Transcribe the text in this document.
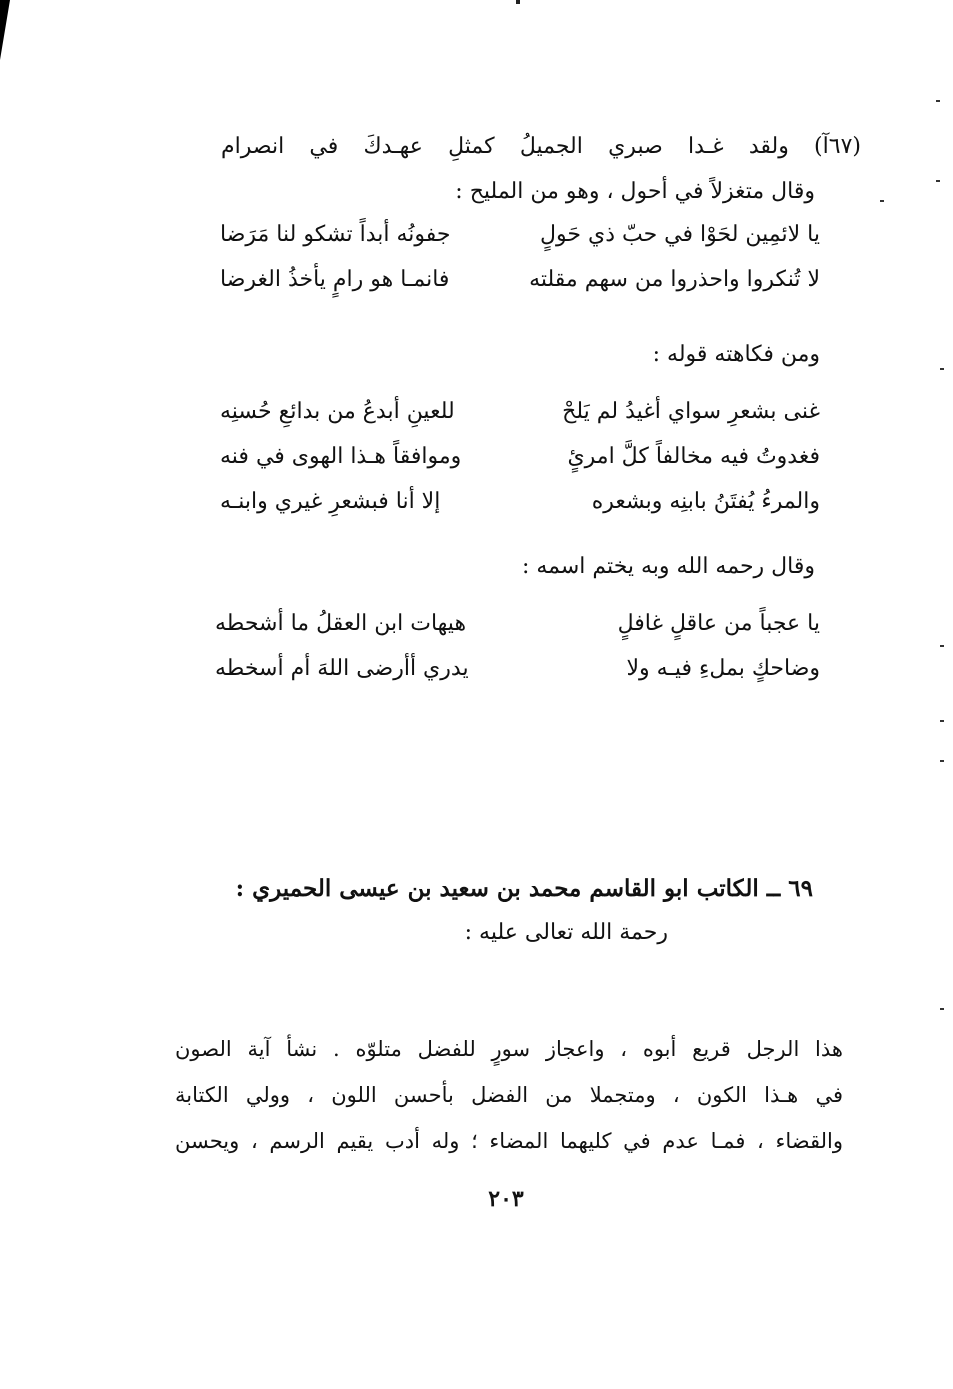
(٦٧آ) ولقد غـدا صبري الجميلُ كمثلِ عهـدكَ في انصرام
وقال متغزلاً في أحول ، وهو من المليح :
يا لائمِين لحَوْا في حبّ ذي حَولٍ
جفونُه أبداً تشكو لنا مَرَضا
لا تُنكروا واحذروا من سهم مقلته
فانمـا هو رامٍ يأخذُ الغرضا
ومن فكاهته قوله :
غنى بشعرِ سواي أغيدُ لم يَلحْ
للعينِ أبدعُ من بدائعِ حُسنِه
فغدوتُ فيه مخالفاً كلَّ امرئٍ
وموافقاً هـذا الهوى في فنه
والمرءُ يُفتَنُ بابنِه وبشعره
إلا أنا فبشعرِ غيري وابنـه
وقال رحمه الله وبه يختم اسمه :
يا عجباً من عاقلٍ غافلٍ
هيهات ابن العقلُ ما أشحطه
وضاحكٍ بملءِ فيـه ولا
يدري أأرضى اللهَ أم أسخطه
٦٩ ــ الكاتب ابو القاسم محمد بن سعيد بن عيسى الحميري :
رحمة الله تعالى عليه :
هذا الرجل قريع أبوه ، واعجاز سورٍ للفضل متلوّه . نشأ آية الصون
في هـذا الكون ، ومتجملا من الفضل بأحسن اللون ، وولي الكتابة
والقضاء ، فمـا عدم في كليهما المضاء ؛ وله أدب يقيم الرسم ، ويحسن
٢٠٣
